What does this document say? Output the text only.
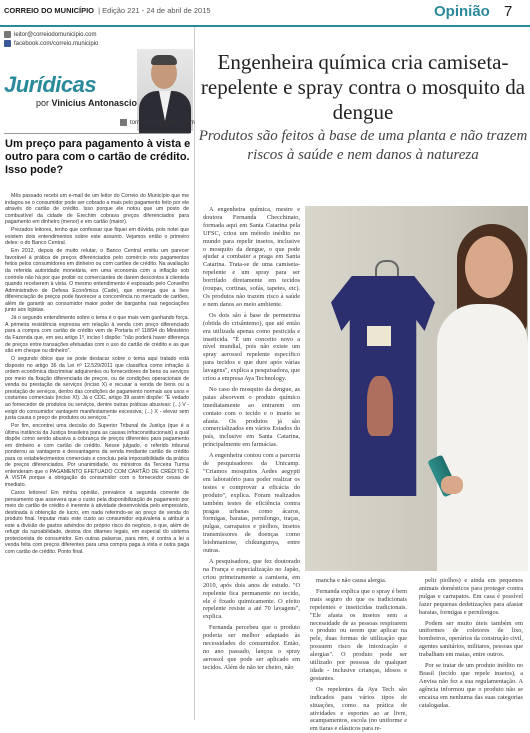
CORREIO DO MUNICÍPIO | Edição 221 - 24 de abril de 2015	Opinião 7
leitor@correiodomunicipio.com
facebook.com/correio.municipio
Jurídicas
por Vinicius Antonascio
torresvinny@yahoo.com
Um preço para pagamento à vista e outro para com o cartão de crédito. Isso pode?

Mês passado recebi um e-mail de um leitor do Correio do Município que me indagou se o consumidor pode ser cobrado a mais pelo pagamento feito por ele através do cartão de crédito. Isso porque ele notou que um posto de combustível da cidade de Erechim cobrava preços diferenciados para pagamento em dinheiro (menor) e em cartão (maior).

Prezados leitores, tenho que confessar que fiquei em dúvida, pois notei que existem dois entendimentos sobre este assunto. Vejamos então o primeiro deles: o do Banco Central.

Em 2012, depois de muito relutar, o Banco Central emitiu um parecer favorável à prática de preços diferenciados pelo comércio nos pagamentos feitos pelos consumidores em dinheiro ou com cartões de crédito. Na avaliação da referida autoridade monetária, em uma economia com a inflação sob controle não há por que proibir os comerciantes de darem descontos à clientela quando receberem à vista. O mesmo entendimento é esposado pelo Conselho Administrativo de Defesa Econômica (Cade), que enxerga que a livre diferenciação de preços pode favorecer a concorrência no mercado de cartões, além de garantir ao consumidor maior poder de barganha nas negociações junto aos lojistas.

Já o segundo entendimento sobre o tema é o que mais vem ganhando força. A primeira resistência expressa em relação à venda com preço diferenciado para a compra com cartão de crédito vem de Portaria nº 118/94 do Ministério da Fazenda que, em seu artigo 1º, inciso I dispõe: "não poderá haver diferença de preços entre transações efetuadas com o uso do cartão de crédito e as que são em cheque ou dinheiro".

O segundo óbice que se pode destacar sobre o tema aqui tratado está disposto no artigo 36 da Lei nº 12.529/2011 que classifica como infração à ordem econômica discriminar adquirentes ou fornecedores de bens ou serviços por meio da fixação diferenciada de preços, ou de condições operacionais de venda ou prestação de serviços (inciso X) e recusar a venda de bens ou a prestação de serviços, dentro das condições de pagamento normais aos usos e costumes comerciais (inciso XI). Já o CDC, artigo 39 assim dispõe: "É vedado ao fornecedor de produtos ou serviços, dentre outras práticas abusivas: (...) V - exigir do consumidor vantagem manifestamente excessiva; (...) X - elevar sem justa causa o preço de produtos ou serviços."

Por fim, encontrei uma decisão do Superior Tribunal de Justiça (que é a última instância da Justiça brasileira para as causas infraconstitucionais) a qual dispõe como sendo abusiva a cobrança de preços diferentes para pagamento em dinheiro e com cartão de crédito. Nesse julgado, o referido tribunal ponderou as vantagens e desvantagens da venda mediante cartão de crédito para os estabelecimentos comerciais e concluiu pela impossibilidade da prática de preços diferenciados. Por unanimidade, os ministros da Terceira Turma entenderam que o PAGAMENTO EFETUADO COM CARTÃO DE CRÉDITO É À VISTA porque a obrigação do consumidor com o fornecedor cessa de imediato.

Caros leitores! Em minha opinião, prevalece a segunda corrente de pensamento que assevera que o custo pela disponibilização de pagamento por meio do cartão de crédito é inerente à atividade desenvolvida pelo empresário, destinada à obtenção de lucro, em nada referindo-se ao preço de venda do produto final. Imputar mais este custo ao consumidor equivaleria a atribuir a este a divisão de gastos advindos do próprio risco do negócio, o que, além de refugir da razoabilidade, destoa dos ditames legais, em especial do sistema protecionista do consumidor. Em outras palavras, para mim, é contra a lei a venda feita com preços diferentes para uma compra paga à vista e outra paga com cartão de crédito. Ponto final.

Engenheira química cria camiseta-repelente e spray contra o mosquito da dengue
Produtos são feitos à base de uma planta e não trazem riscos à saúde e nem danos à natureza

A engenheira química, mestre e doutora Fernanda Checchinato, formada aqui em Santa Catarina pela UFSC, criou um método inédito no mundo para repelir insetos, inclusive o mosquito da dengue, o que pode ajudar a combater a praga em Santa Catarina. Trata-se de uma camiseta-repelente e um spray para ser borrifado diretamente em tecidos (roupas, cortinas, sofás, tapetes, etc). Os produtos não trazem risco à saúde e nem danos ao meio ambiente.

Os dois são à base de permetrina (obtida do crisântemo), que até então era utilizada apenas como pesticida e inseticida. "É um conceito novo a nível mundial, pois não existe um spray aerossol repelente específico para tecidos e que dure após várias lavagens", explica a pesquisadora, que criou a empresa Aya Technology.

No caso do mosquito da dengue, as patas absorvem o produto químico imediatamente ao entrarem em contato com o tecido e o inseto se afasta. Os produtos já são comercializados em vários Estados do país, inclusive em Santa Catarina, principalmente em farmácias.

A engenheira contou com a parceria de pesquisadores da Unicamp. "Criamos mosquitos Aedes aegypti em laboratório para poder realizar os testes e comprovar a eficácia do produto", explica. Foram realizados também testes de eficiência contra pragas urbanas como ácaros, formigas, baratas, pernilongo, traças, pulgas, carrapatos e piolhos, insetos transmissores de doenças como leishmaniose, chikungunya, entre outras.

A pesquisadora, que fez doutorado na França e especialização no Japão, criou primeiramente a camiseta, em 2010, após dois anos de estudo. "O repelente fica permanente no tecido, ele é fixado quimicamente. O efeito repelente resiste a até 70 lavagens", explica.

Fernanda percebeu que o produto poderia ser melhor adaptado às necessidades do consumidor. Então, no ano passado, lançou o spray aerossol que pode ser aplicado em tecidos. Além de não ter cheiro, não

mancha e não causa alergia.

Fernanda explica que o spray é bem mais seguro do que os tradicionais repelentes e inseticidas tradicionais. "Ele afasta os insetos sem a necessidade de as pessoas respirarem o produto ou terem que aplicar na pele, duas formas de utilização que possuem risco de intoxicação e alergias". O produto pode ser utilizado por pessoas de qualquer idade - inclusive crianças, idosos e gestantes.

Os repelentes da Aya Tech são indicados para vários tipos de situações, como na prática de atividades e esportes ao ar livre, acampamentos, escola (no uniforme e em tiaras e elásticos para re-

pelir piolhos) e ainda em pequenos animais domésticos para proteger contra pulgas e carrapatos. Em casa é possível fazer pequenas dedetizações para afastar baratas, formigas e pernilongos.

Podem ser muito úteis também em uniformes de coletores de lixo, bombeiros, operários da construção civil, agentes sanitários, militares, pessoas que trabalham em matas, entre outros.

Por se tratar de um produto inédito no Brasil (tecido que repele insetos), a Anvisa não fez a sua regulamentação. A agência informou que o produto não se encaixa em nenhuma das suas categorias catalogadas.
